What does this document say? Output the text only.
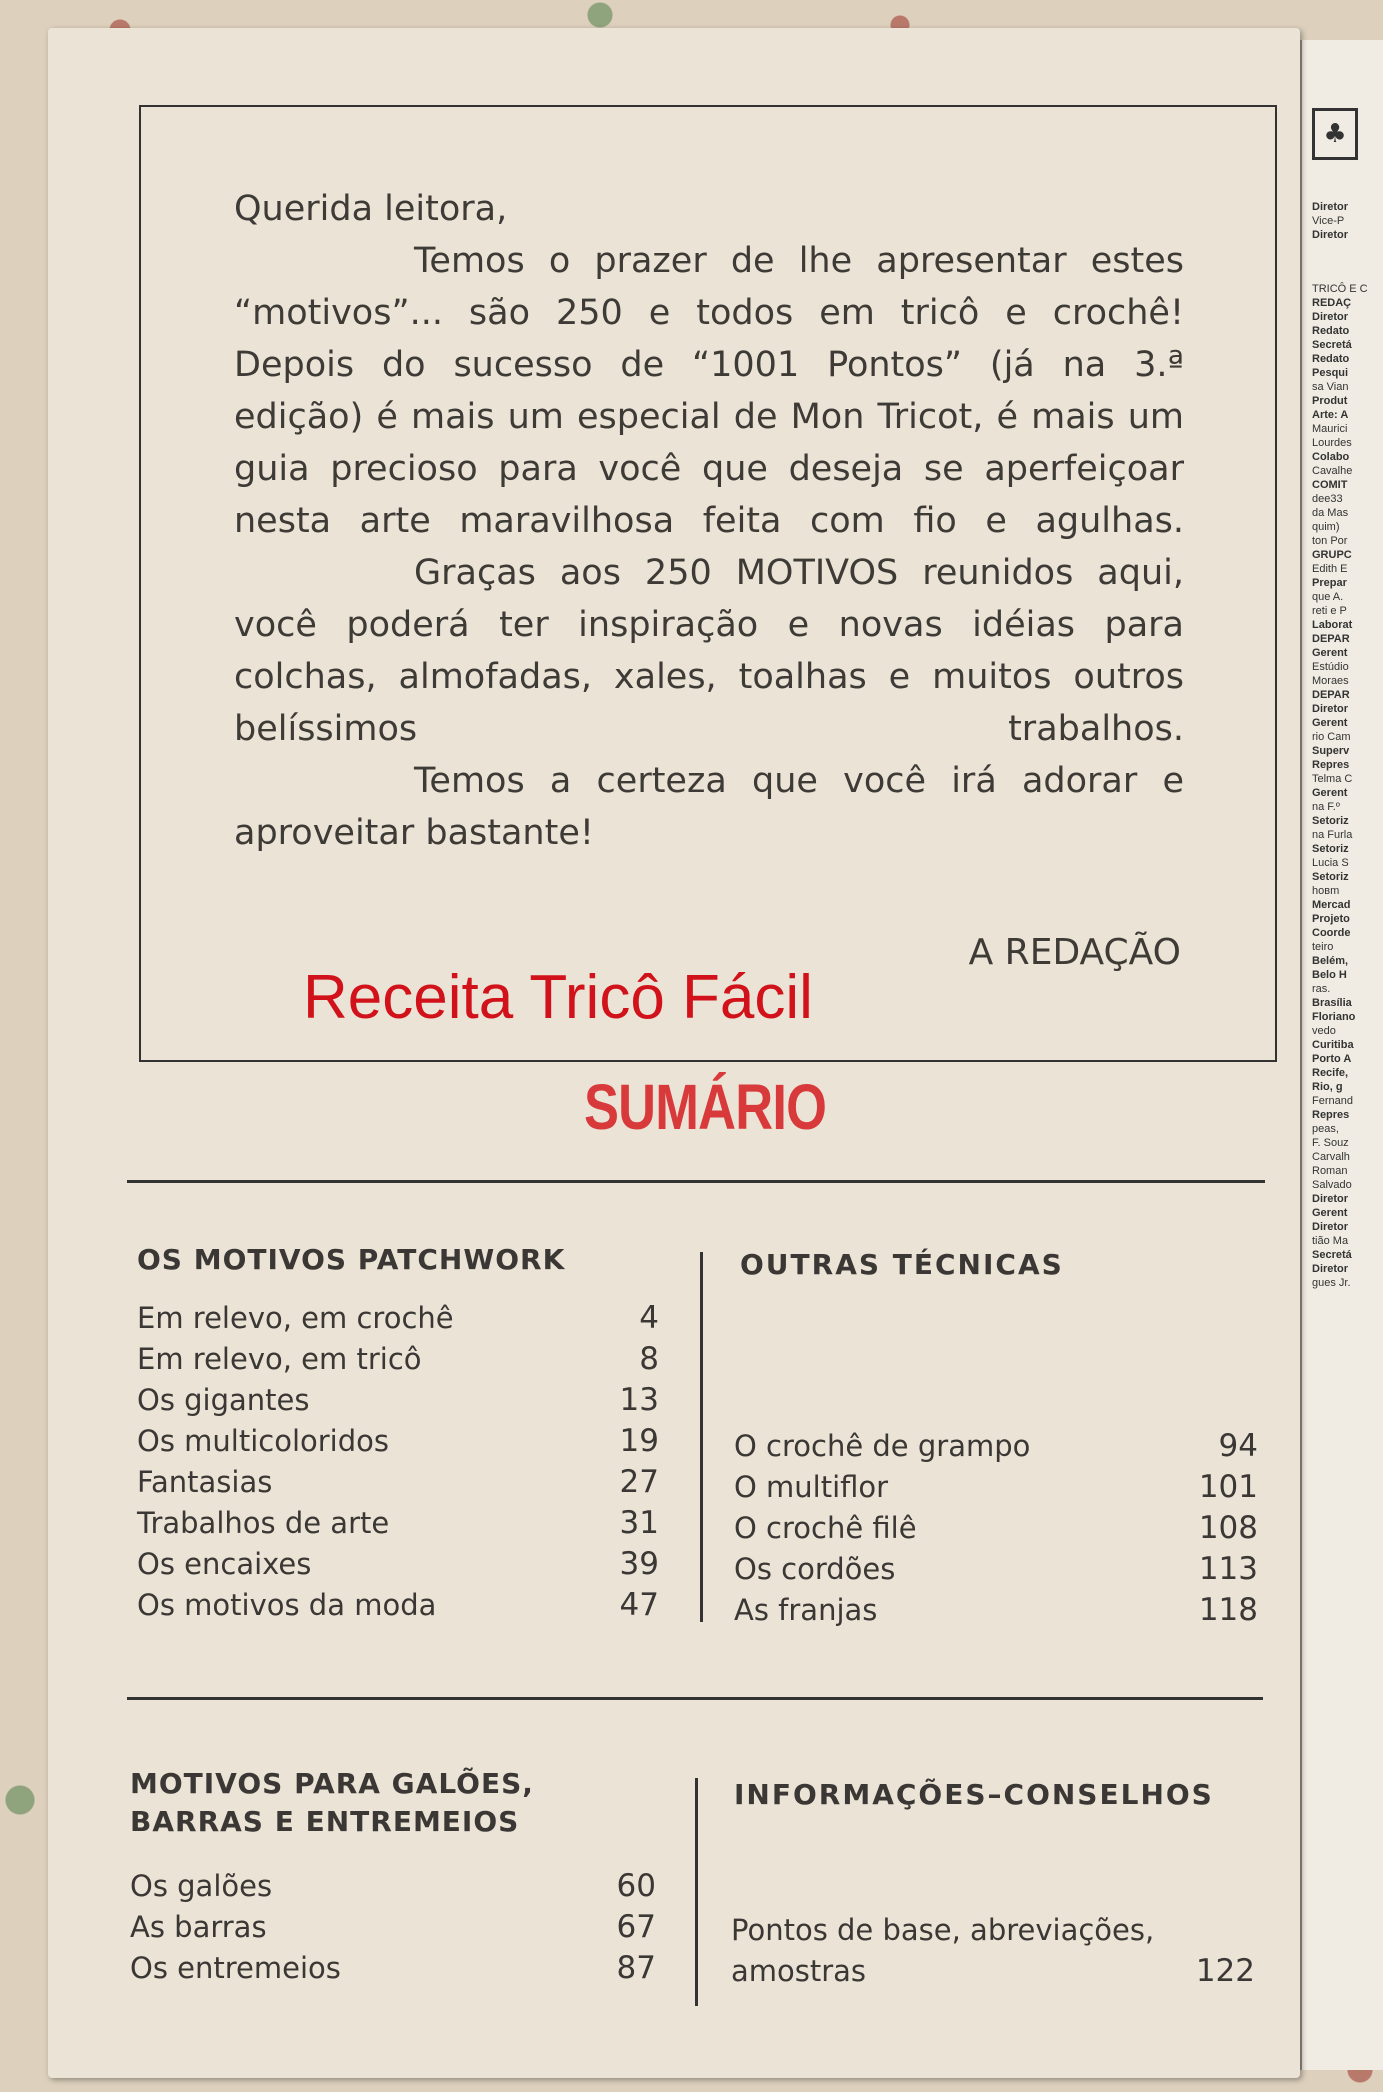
♣
Diretor
Vice-P
Diretor
TRICÔ E C
REDAÇ
Diretor
Redato
Secretá
Redato
Pesqui
sa Vian
Produt
Arte: A
Maurici
Lourdes
Colabo
Cavalhe
COMIT
dee33
da Mas
quim)
ton Por
GRUPC
Edith E
Prepar
que A.
reti e P
Laborat
DEPAR
Gerent
Estúdio
Moraes
DEPAR
Diretor
Gerent
rio Cam
Superv
Repres
Telma C
Gerent
na F.º
Setoriz
na Furla
Setoriz
Lucia S
Setoriz
hoвm
Mercad
Projeto
Coorde
teiro
Belém,
Belo H
ras.
Brasília
Floriano
vedo
Curitiba
Porto A
Recife,
Rio, g
Fernand
Repres
peas,
F. Souz
Carvalh
Roman
Salvado
Diretor
Gerent
Diretor
tião Ma
Secretá
Diretor
gues Jr.

Querida leitora,

Temos o prazer de lhe apresentar estes “motivos”... são 250 e todos em tricô e crochê! Depois do sucesso de “1001 Pontos” (já na 3.ª edição) é mais um especial de Mon Tricot, é mais um guia precioso para você que deseja se aperfeiçoar nesta arte maravilhosa feita com fio e agulhas.

Graças aos 250 MOTIVOS reunidos aqui, você poderá ter inspiração e novas idéias para colchas, almofadas, xales, toalhas e muitos outros belíssimos trabalhos.

Temos a certeza que você irá adorar e aproveitar bastante!

A REDAÇÃO
Receita Tricô Fácil
SUMÁRIO
OS MOTIVOS PATCHWORK
Em relevo, em crochê	4
Em relevo, em tricô	8
Os gigantes	13
Os multicoloridos	19
Fantasias	27
Trabalhos de arte	31
Os encaixes	39
Os motivos da moda	47
OUTRAS TÉCNICAS
O crochê de grampo	94
O multiflor	101
O crochê filê	108
Os cordões	113
As franjas	118
MOTIVOS PARA GALÕES,
BARRAS E ENTREMEIOS
Os galões	60
As barras	67
Os entremeios	87
INFORMAÇÕES–CONSELHOS
Pontos de base, abreviações,
amostras	122
